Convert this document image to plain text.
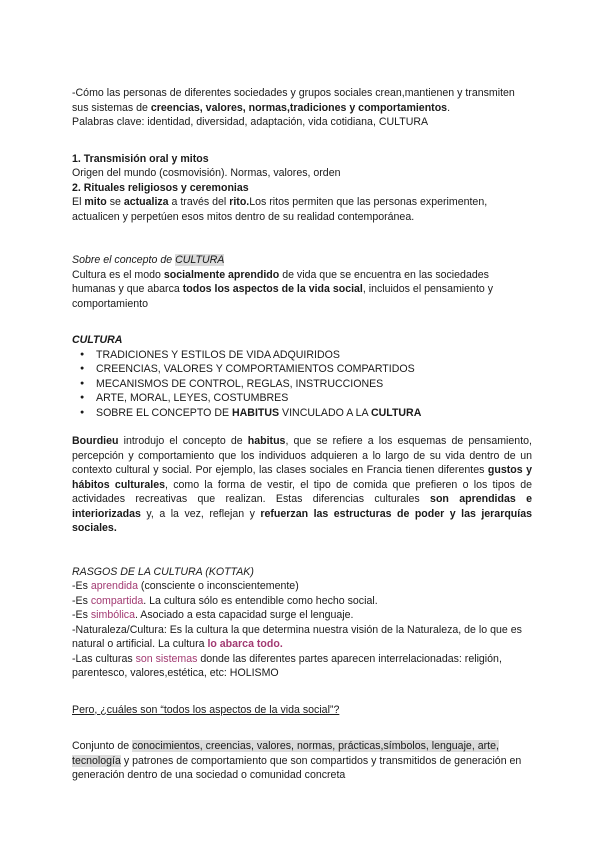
-Cómo las personas de diferentes sociedades y grupos sociales crean,mantienen y transmiten sus sistemas de creencias, valores, normas,tradiciones y comportamientos.

Palabras clave: identidad, diversidad, adaptación, vida cotidiana, CULTURA

1. Transmisión oral y mitos

Origen del mundo (cosmovisión). Normas, valores, orden

2. Rituales religiosos y ceremonias

El mito se actualiza a través del rito.Los ritos permiten que las personas experimenten, actualicen y perpetúen esos mitos dentro de su realidad contemporánea.

Sobre el concepto de CULTURA

Cultura es el modo socialmente aprendido de vida que se encuentra en las sociedades humanas y que abarca todos los aspectos de la vida social, incluidos el pensamiento y comportamiento

CULTURA

● TRADICIONES Y ESTILOS DE VIDA ADQUIRIDOS
● CREENCIAS, VALORES Y COMPORTAMIENTOS COMPARTIDOS
● MECANISMOS DE CONTROL, REGLAS, INSTRUCCIONES
● ARTE, MORAL, LEYES, COSTUMBRES
● SOBRE EL CONCEPTO DE HABITUS VINCULADO A LA CULTURA

Bourdieu introdujo el concepto de habitus, que se refiere a los esquemas de pensamiento, percepción y comportamiento que los individuos adquieren a lo largo de su vida dentro de un contexto cultural y social. Por ejemplo, las clases sociales en Francia tienen diferentes gustos y hábitos culturales, como la forma de vestir, el tipo de comida que prefieren o los tipos de actividades recreativas que realizan. Estas diferencias culturales son aprendidas e interiorizadas y, a la vez, reflejan y refuerzan las estructuras de poder y las jerarquías sociales.

RASGOS DE LA CULTURA (KOTTAK)

-Es aprendida (consciente o inconscientemente)

-Es compartida. La cultura sólo es entendible como hecho social.

-Es simbólica. Asociado a esta capacidad surge el lenguaje.

-Naturaleza/Cultura: Es la cultura la que determina nuestra visión de la Naturaleza, de lo que es natural o artificial. La cultura lo abarca todo.

-Las culturas son sistemas donde las diferentes partes aparecen interrelacionadas: religión, parentesco, valores,estética, etc: HOLISMO

Pero, ¿cuáles son “todos los aspectos de la vida social”?

Conjunto de conocimientos, creencias, valores, normas, prácticas,símbolos, lenguaje, arte, tecnología y patrones de comportamiento que son compartidos y transmitidos de generación en generación dentro de una sociedad o comunidad concreta
